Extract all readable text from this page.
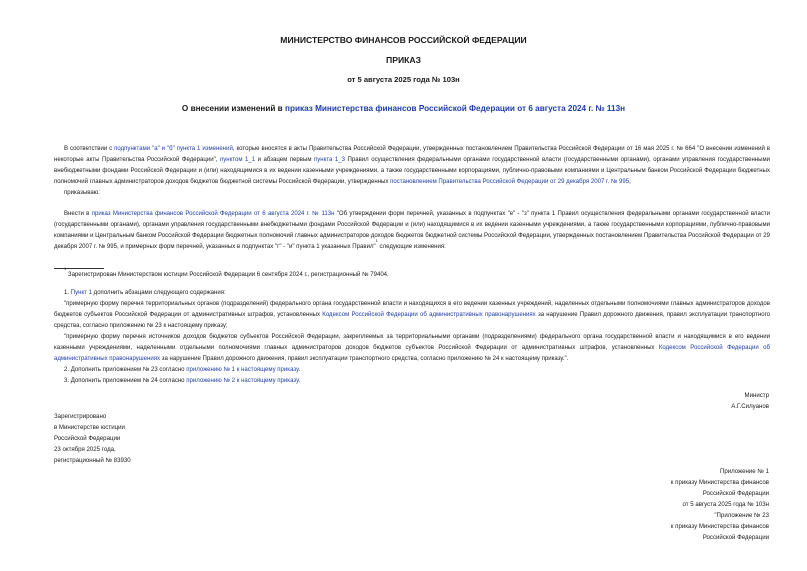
МИНИСТЕРСТВО ФИНАНСОВ РОССИЙСКОЙ ФЕДЕРАЦИИ
ПРИКАЗ
от 5 августа 2025 года № 103н
О внесении изменений в приказ Министерства финансов Российской Федерации от 6 августа 2024 г. № 113н

В соответствии с подпунктами "а" и "б" пункта 1 изменений, которые вносятся в акты Правительства Российской Федерации, утвержденных постановлением Правительства Российской Федерации от 16 мая 2025 г. № 664 "О внесении изменений в некоторые акты Правительства Российской Федерации", пунктом 1_1 и абзацем первым пункта 1_3 Правил осуществления федеральными органами государственной власти (государственными органами), органами управления государственными внебюджетными фондами Российской Федерации и (или) находящимися в их ведении казенными учреждениями, а также государственными корпорациями, публично-правовыми компаниями и Центральным банком Российской Федерации бюджетных полномочий главных администраторов доходов бюджетов бюджетной системы Российской Федерации, утвержденных постановлением Правительства Российской Федерации от 29 декабря 2007 г. № 995,

приказываю:

Внести в приказ Министерства финансов Российской Федерации от 6 августа 2024 г. № 113н "Об утверждении форм перечней, указанных в подпунктах "е" - "з" пункта 1 Правил осуществления федеральными органами государственной власти (государственными органами), органами управления государственными внебюджетными фондами Российской Федерации и (или) находящимися в их ведении казенными учреждениями, а также государственными корпорациями, публично-правовыми компаниями и Центральным банком Российской Федерации бюджетных полномочий главных администраторов доходов бюджетов бюджетной системы Российской Федерации, утвержденных постановлением Правительства Российской Федерации от 29 декабря 2007 г. № 995, и примерных форм перечней, указанных в подпунктах "г" - "и" пункта 1 указанных Правил"$^1$ следующие изменения:

$^1$ Зарегистрирован Министерством юстиции Российской Федерации 6 сентября 2024 г., регистрационный № 79404.

1. Пункт 1 дополнить абзацами следующего содержания:

"примерную форму перечня территориальных органов (подразделений) федерального органа государственной власти и находящихся в его ведении казенных учреждений, наделенных отдельными полномочиями главных администраторов доходов бюджетов субъектов Российской Федерации от административных штрафов, установленных Кодексом Российской Федерации об административных правонарушениях за нарушение Правил дорожного движения, правил эксплуатации транспортного средства, согласно приложению № 23 к настоящему приказу;

"примерную форму перечня источников доходов бюджетов субъектов Российской Федерации, закрепляемых за территориальными органами (подразделениями) федерального органа государственной власти и находящимися в его ведении казенными учреждениями, наделенными отдельными полномочиями главных администраторов доходов бюджетов субъектов Российской Федерации от административных штрафов, установленных Кодексом Российской Федерации об административных правонарушениях за нарушение Правил дорожного движения, правил эксплуатации транспортного средства, согласно приложению № 24 к настоящему приказу.".

2. Дополнить приложением № 23 согласно приложению № 1 к настоящему приказу.

3. Дополнить приложением № 24 согласно приложению № 2 к настоящему приказу.

Министр
А.Г.Силуанов
Зарегистрировано
в Министерстве юстиции
Российской Федерации
23 октября 2025 года,
регистрационный № 83930
Приложение № 1
к приказу Министерства финансов
Российской Федерации
от 5 августа 2025 года № 103н
"Приложение № 23
к приказу Министерства финансов
Российской Федерации
